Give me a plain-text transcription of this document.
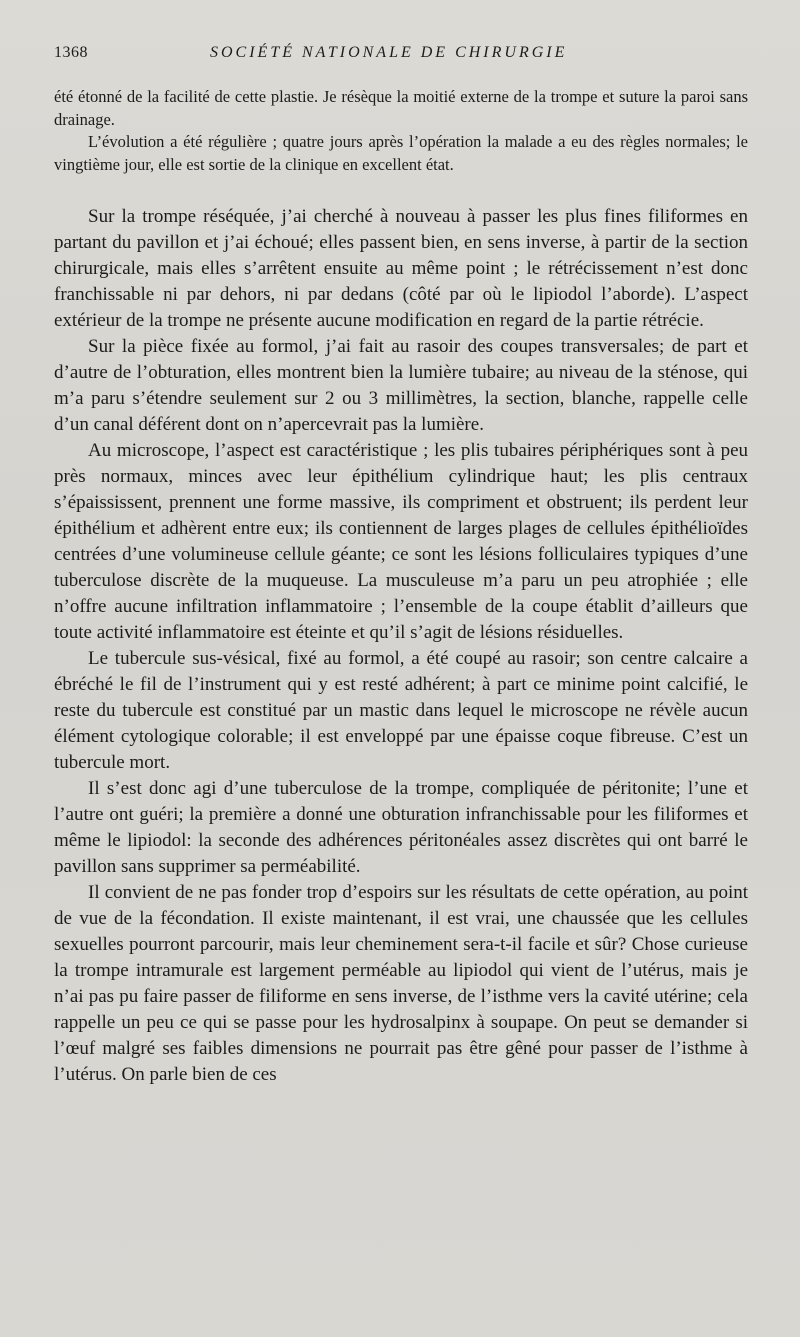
1368	SOCIÉTÉ NATIONALE DE CHIRURGIE

été étonné de la facilité de cette plastie. Je résèque la moitié externe de la trompe et suture la paroi sans drainage.

L’évolution a été régulière ; quatre jours après l’opération la malade a eu des règles normales; le vingtième jour, elle est sortie de la clinique en excellent état.

Sur la trompe réséquée, j’ai cherché à nouveau à passer les plus fines filiformes en partant du pavillon et j’ai échoué; elles passent bien, en sens inverse, à partir de la section chirurgicale, mais elles s’arrêtent ensuite au même point ; le rétrécissement n’est donc franchissable ni par dehors, ni par dedans (côté par où le lipiodol l’aborde). L’aspect extérieur de la trompe ne présente aucune modification en regard de la partie rétrécie.

Sur la pièce fixée au formol, j’ai fait au rasoir des coupes transversales; de part et d’autre de l’obturation, elles montrent bien la lumière tubaire; au niveau de la sténose, qui m’a paru s’étendre seulement sur 2 ou 3 millimètres, la section, blanche, rappelle celle d’un canal déférent dont on n’apercevrait pas la lumière.

Au microscope, l’aspect est caractéristique ; les plis tubaires périphériques sont à peu près normaux, minces avec leur épithélium cylindrique haut; les plis centraux s’épaississent, prennent une forme massive, ils compriment et obstruent; ils perdent leur épithélium et adhèrent entre eux; ils contiennent de larges plages de cellules épithélioïdes centrées d’une volumineuse cellule géante; ce sont les lésions folliculaires typiques d’une tuberculose discrète de la muqueuse. La musculeuse m’a paru un peu atrophiée ; elle n’offre aucune infiltration inflammatoire ; l’ensemble de la coupe établit d’ailleurs que toute activité inflammatoire est éteinte et qu’il s’agit de lésions résiduelles.

Le tubercule sus-vésical, fixé au formol, a été coupé au rasoir; son centre calcaire a ébréché le fil de l’instrument qui y est resté adhérent; à part ce minime point calcifié, le reste du tubercule est constitué par un mastic dans lequel le microscope ne révèle aucun élément cytologique colorable; il est enveloppé par une épaisse coque fibreuse. C’est un tubercule mort.

Il s’est donc agi d’une tuberculose de la trompe, compliquée de péritonite; l’une et l’autre ont guéri; la première a donné une obturation infranchissable pour les filiformes et même le lipiodol: la seconde des adhérences péritonéales assez discrètes qui ont barré le pavillon sans supprimer sa perméabilité.

Il convient de ne pas fonder trop d’espoirs sur les résultats de cette opération, au point de vue de la fécondation. Il existe maintenant, il est vrai, une chaussée que les cellules sexuelles pourront parcourir, mais leur cheminement sera-t-il facile et sûr? Chose curieuse la trompe intramurale est largement perméable au lipiodol qui vient de l’utérus, mais je n’ai pas pu faire passer de filiforme en sens inverse, de l’isthme vers la cavité utérine; cela rappelle un peu ce qui se passe pour les hydrosalpinx à soupape. On peut se demander si l’œuf malgré ses faibles dimensions ne pourrait pas être gêné pour passer de l’isthme à l’utérus. On parle bien de ces
